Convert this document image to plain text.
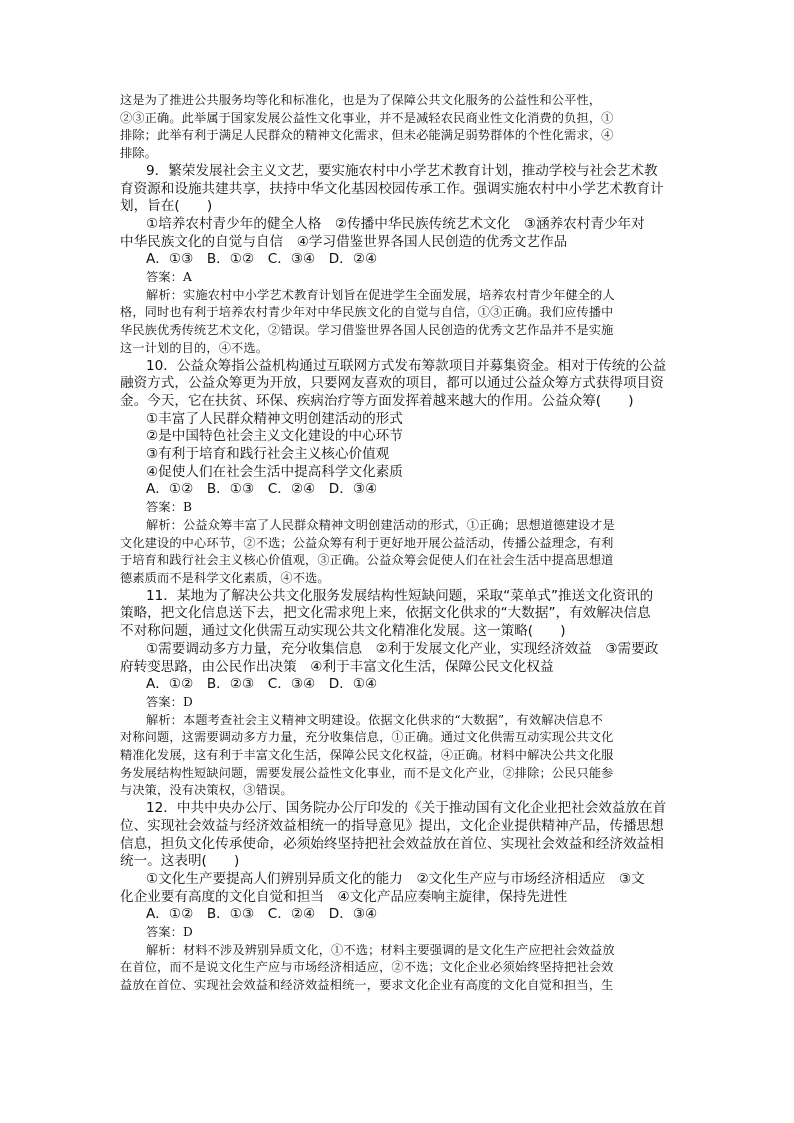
这是为了推进公共服务均等化和标准化，也是为了保障公共文化服务的公益性和公平性，
②③正确。此举属于国家发展公益性文化事业，并不是减轻农民商业性文化消费的负担，①
排除；此举有利于满足人民群众的精神文化需求，但未必能满足弱势群体的个性化需求，④
排除。
9．繁荣发展社会主义文艺，要实施农村中小学艺术教育计划，推动学校与社会艺术教
育资源和设施共建共享，扶持中华文化基因校园传承工作。强调实施农村中小学艺术教育计
划，旨在(　　)
①培养农村青少年的健全人格　②传播中华民族传统艺术文化　③涵养农村青少年对
中华民族文化的自觉与自信　④学习借鉴世界各国人民创造的优秀文艺作品
A．①③　B．①②　C．③④　D．②④
答案：A
解析：实施农村中小学艺术教育计划旨在促进学生全面发展，培养农村青少年健全的人
格，同时也有利于培养农村青少年对中华民族文化的自觉与自信，①③正确。我们应传播中
华民族优秀传统艺术文化，②错误。学习借鉴世界各国人民创造的优秀文艺作品并不是实施
这一计划的目的，④不选。
10．公益众筹指公益机构通过互联网方式发布筹款项目并募集资金。相对于传统的公益
融资方式，公益众筹更为开放，只要网友喜欢的项目，都可以通过公益众筹方式获得项目资
金。今天，它在扶贫、环保、疾病治疗等方面发挥着越来越大的作用。公益众筹(　　)
①丰富了人民群众精神文明创建活动的形式
②是中国特色社会主义文化建设的中心环节
③有利于培育和践行社会主义核心价值观
④促使人们在社会生活中提高科学文化素质
A．①②　B．①③　C．②④　D．③④
答案：B
解析：公益众筹丰富了人民群众精神文明创建活动的形式，①正确；思想道德建设才是
文化建设的中心环节，②不选；公益众筹有利于更好地开展公益活动，传播公益理念，有利
于培育和践行社会主义核心价值观，③正确。公益众筹会促使人们在社会生活中提高思想道
德素质而不是科学文化素质，④不选。
11．某地为了解决公共文化服务发展结构性短缺问题，采取“菜单式”推送文化资讯的
策略，把文化信息送下去，把文化需求兜上来，依据文化供求的“大数据”，有效解决信息
不对称问题，通过文化供需互动实现公共文化精准化发展。这一策略(　　)
①需要调动多方力量，充分收集信息　②利于发展文化产业，实现经济效益　③需要政
府转变思路，由公民作出决策　④利于丰富文化生活，保障公民文化权益
A．①②　B．②③　C．③④　D．①④
答案：D
解析：本题考查社会主义精神文明建设。依据文化供求的“大数据”，有效解决信息不
对称问题，这需要调动多方力量，充分收集信息，①正确。通过文化供需互动实现公共文化
精准化发展，这有利于丰富文化生活，保障公民文化权益，④正确。材料中解决公共文化服
务发展结构性短缺问题，需要发展公益性文化事业，而不是文化产业，②排除；公民只能参
与决策，没有决策权，③错误。
12．中共中央办公厅、国务院办公厅印发的《关于推动国有文化企业把社会效益放在首
位、实现社会效益与经济效益相统一的指导意见》提出，文化企业提供精神产品，传播思想
信息，担负文化传承使命，必须始终坚持把社会效益放在首位、实现社会效益和经济效益相
统一。这表明(　　)
①文化生产要提高人们辨别异质文化的能力　②文化生产应与市场经济相适应　③文
化企业要有高度的文化自觉和担当　④文化产品应奏响主旋律，保持先进性
A．①②　B．①③　C．②④　D．③④
答案：D
解析：材料不涉及辨别异质文化，①不选；材料主要强调的是文化生产应把社会效益放
在首位，而不是说文化生产应与市场经济相适应，②不选；文化企业必须始终坚持把社会效
益放在首位、实现社会效益和经济效益相统一，要求文化企业有高度的文化自觉和担当，生
